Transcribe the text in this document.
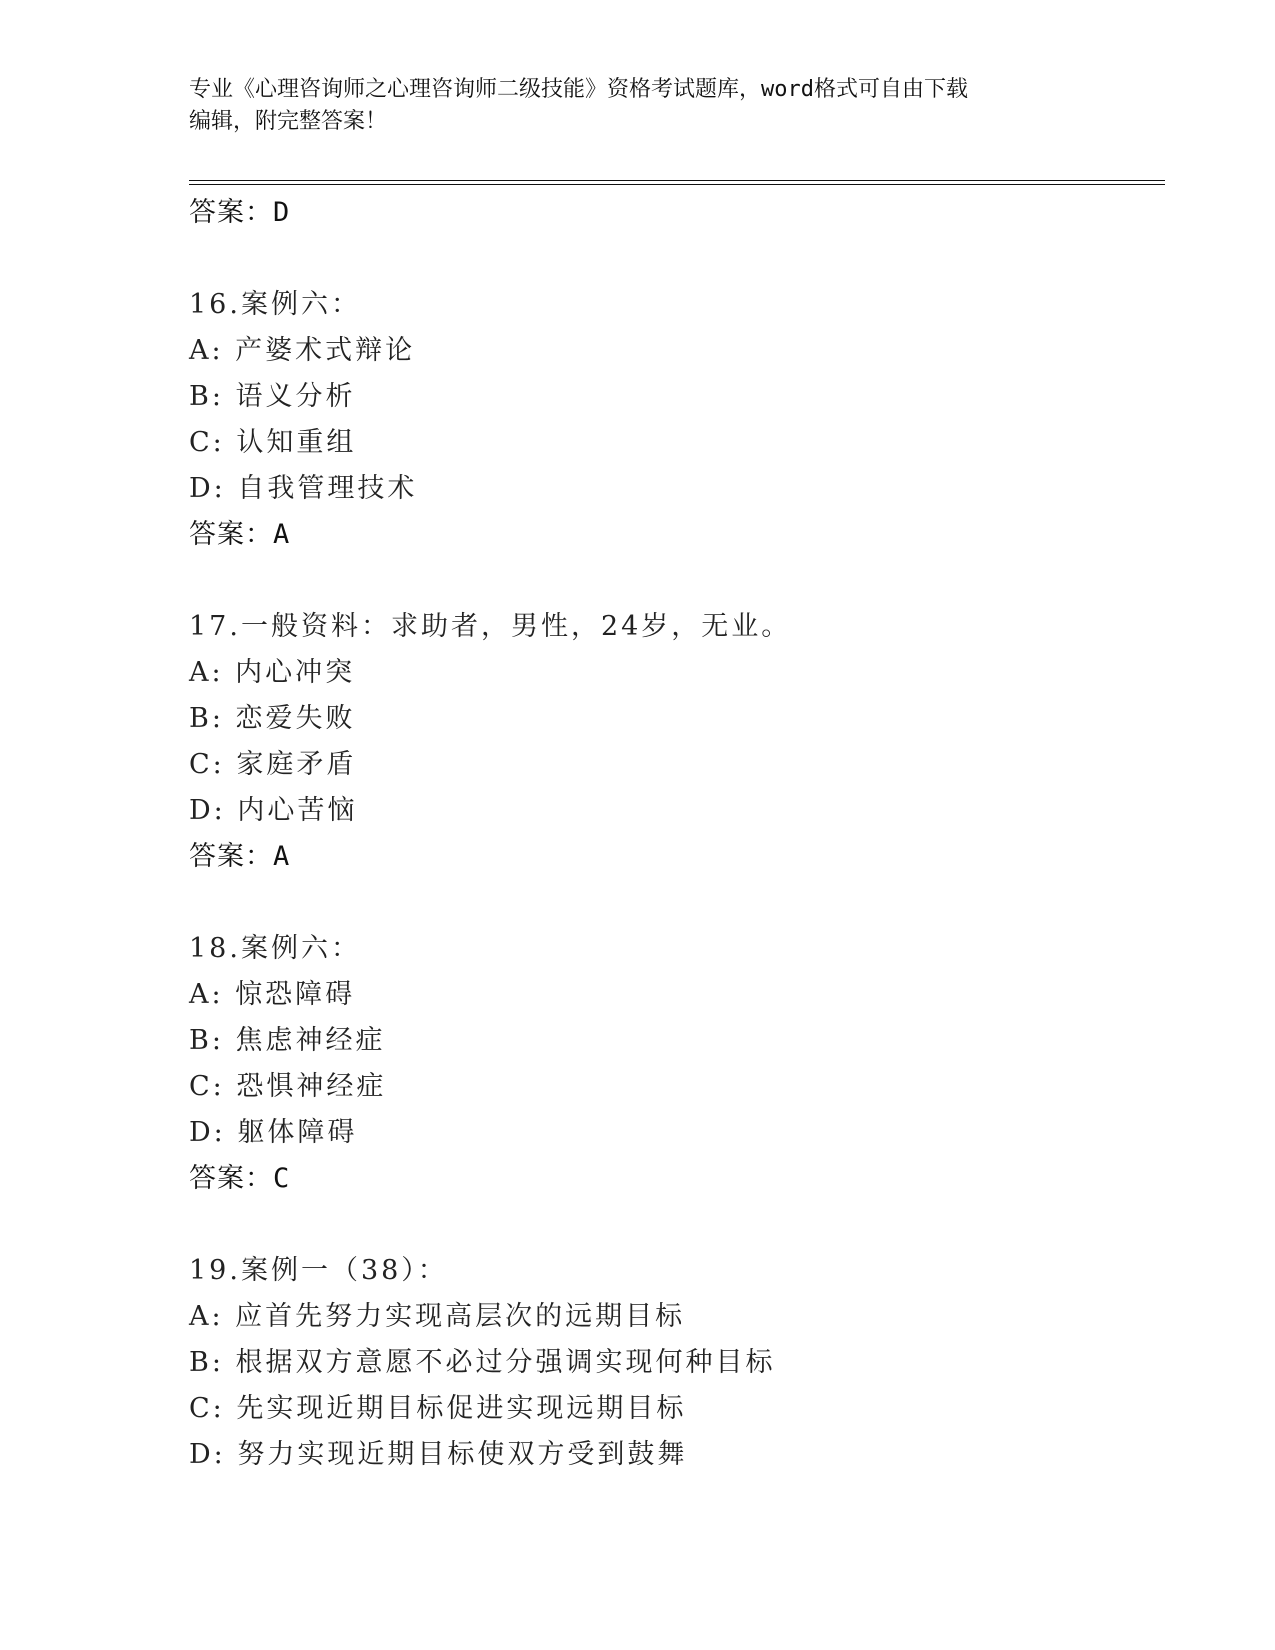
专业《心理咨询师之心理咨询师二级技能》资格考试题库，word格式可自由下载
编辑，附完整答案！
答案：D
16.案例六：
A: 产婆术式辩论
B: 语义分析
C: 认知重组
D: 自我管理技术
答案：A
17.一般资料：求助者，男性，24岁，无业。
A: 内心冲突
B: 恋爱失败
C: 家庭矛盾
D: 内心苦恼
答案：A
18.案例六：
A: 惊恐障碍
B: 焦虑神经症
C: 恐惧神经症
D: 躯体障碍
答案：C
19.案例一（38）：
A: 应首先努力实现高层次的远期目标
B: 根据双方意愿不必过分强调实现何种目标
C: 先实现近期目标促进实现远期目标
D: 努力实现近期目标使双方受到鼓舞
